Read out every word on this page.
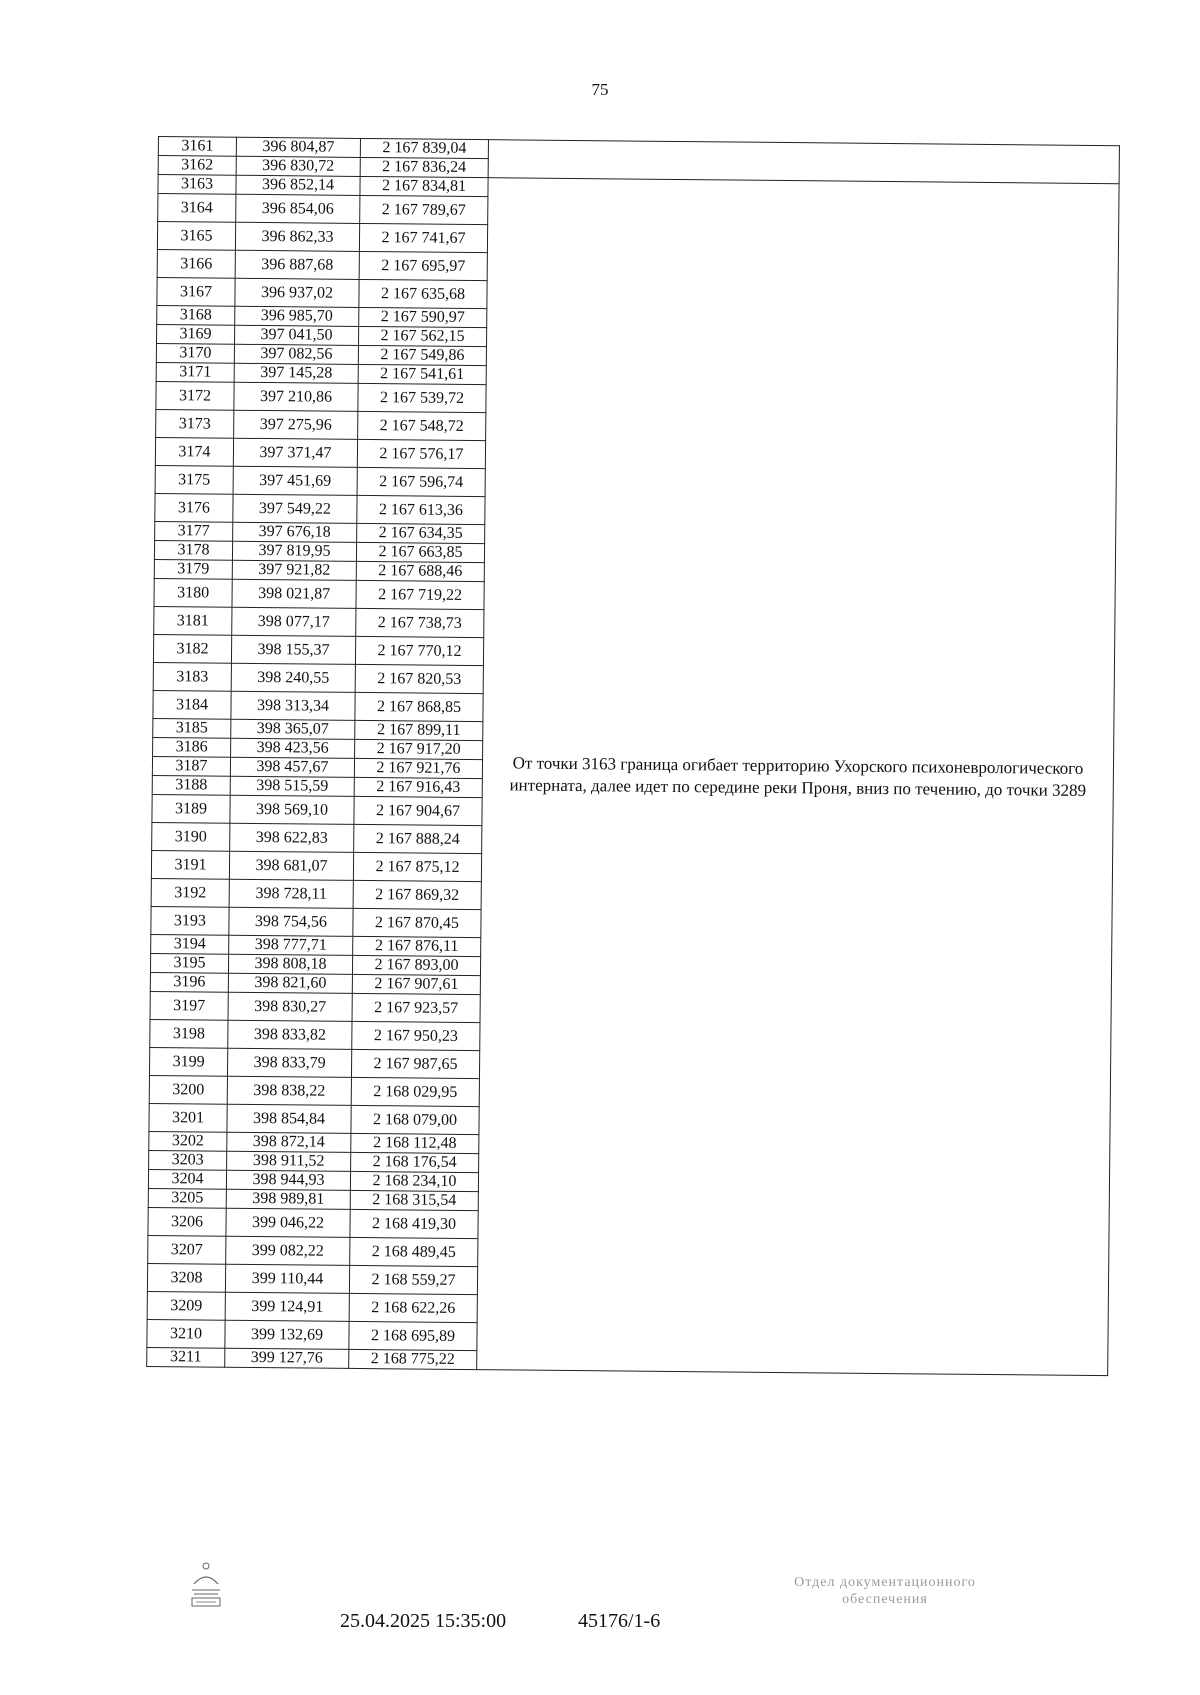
75
3161	396 804,87	2 167 839,04	
3162	396 830,72	2 167 836,24	
3163	396 852,14	2 167 834,81	От точки 3163 граница огибает территорию Ухорского психоневрологического интерната, далее идет по середине реки Проня, вниз по течению, до точки 3289
3164	396 854,06	2 167 789,67	
3165	396 862,33	2 167 741,67	
3166	396 887,68	2 167 695,97	
3167	396 937,02	2 167 635,68	
3168	396 985,70	2 167 590,97	
3169	397 041,50	2 167 562,15	
3170	397 082,56	2 167 549,86	
3171	397 145,28	2 167 541,61	
3172	397 210,86	2 167 539,72	
3173	397 275,96	2 167 548,72	
3174	397 371,47	2 167 576,17	
3175	397 451,69	2 167 596,74	
3176	397 549,22	2 167 613,36	
3177	397 676,18	2 167 634,35	
3178	397 819,95	2 167 663,85	
3179	397 921,82	2 167 688,46	
3180	398 021,87	2 167 719,22	
3181	398 077,17	2 167 738,73	
3182	398 155,37	2 167 770,12	
3183	398 240,55	2 167 820,53	
3184	398 313,34	2 167 868,85	
3185	398 365,07	2 167 899,11	
3186	398 423,56	2 167 917,20	
3187	398 457,67	2 167 921,76	
3188	398 515,59	2 167 916,43	
3189	398 569,10	2 167 904,67	
3190	398 622,83	2 167 888,24	
3191	398 681,07	2 167 875,12	
3192	398 728,11	2 167 869,32	
3193	398 754,56	2 167 870,45	
3194	398 777,71	2 167 876,11	
3195	398 808,18	2 167 893,00	
3196	398 821,60	2 167 907,61	
3197	398 830,27	2 167 923,57	
3198	398 833,82	2 167 950,23	
3199	398 833,79	2 167 987,65	
3200	398 838,22	2 168 029,95	
3201	398 854,84	2 168 079,00	
3202	398 872,14	2 168 112,48	
3203	398 911,52	2 168 176,54	
3204	398 944,93	2 168 234,10	
3205	398 989,81	2 168 315,54	
3206	399 046,22	2 168 419,30	
3207	399 082,22	2 168 489,45	
3208	399 110,44	2 168 559,27	
3209	399 124,91	2 168 622,26	
3210	399 132,69	2 168 695,89	
3211	399 127,76	2 168 775,22	
25.04.2025 15:35:00	45176/1-6
Отдел документационного
обеспечения
